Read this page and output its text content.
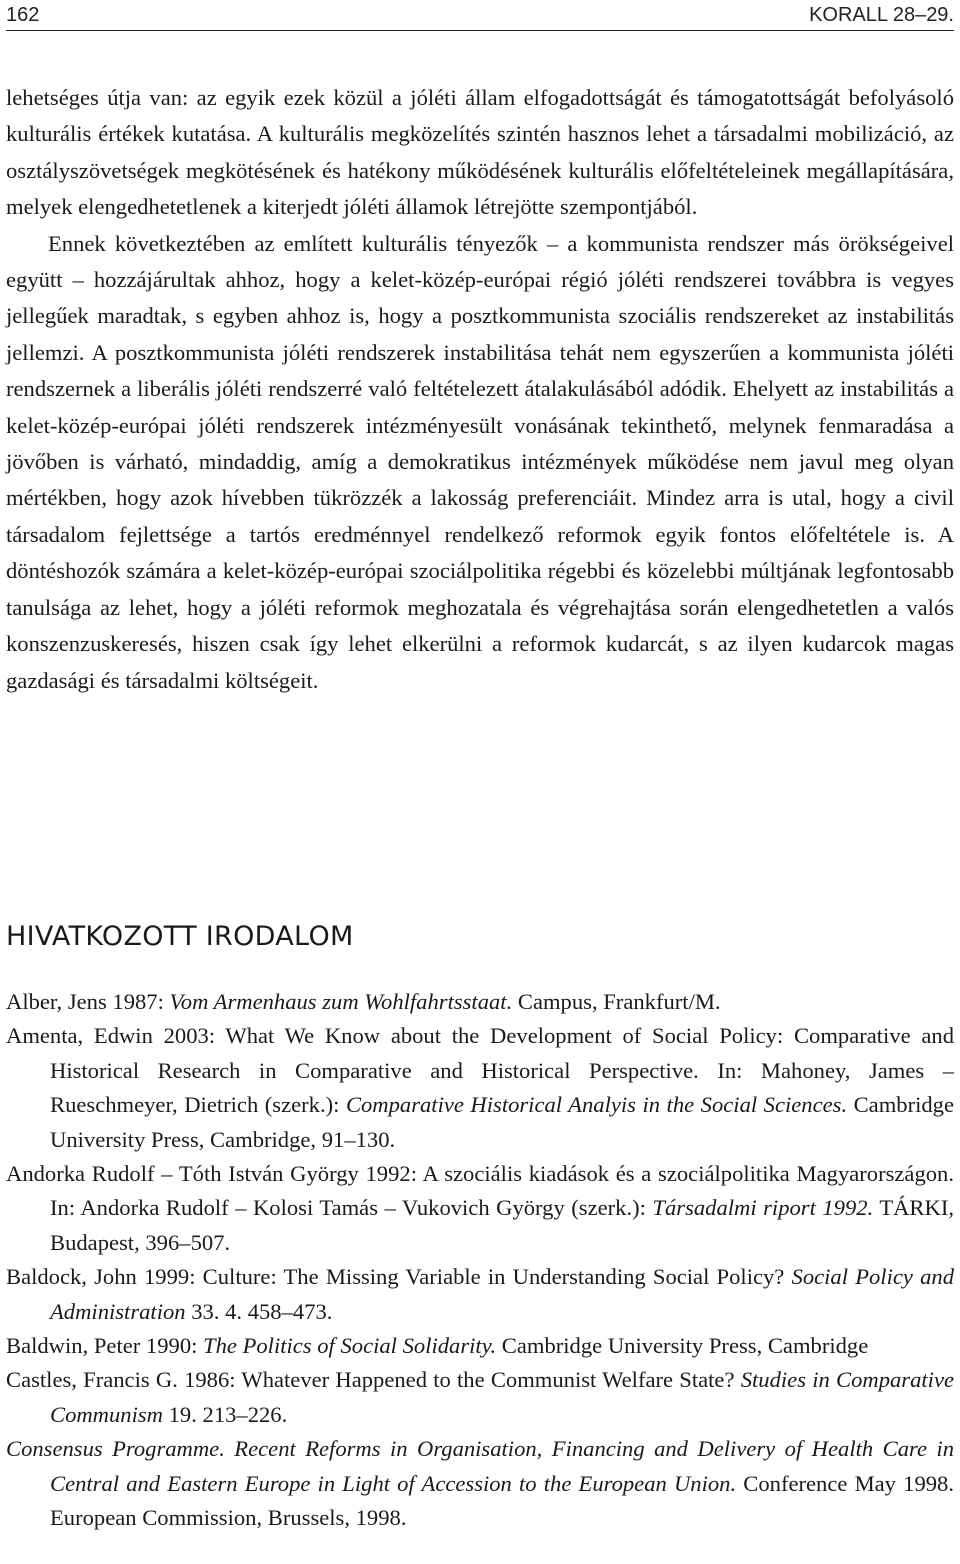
162	KORALL 28–29.

lehetséges útja van: az egyik ezek közül a jóléti állam elfogadottságát és támogatottságát befolyásoló kulturális értékek kutatása. A kulturális megközelítés szintén hasznos lehet a társadalmi mobilizáció, az osztályszövetségek megkötésének és hatékony működésének kulturális előfeltételeinek megállapítására, melyek elengedhetetlenek a kiterjedt jóléti államok létrejötte szempontjából.

Ennek következtében az említett kulturális tényezők – a kommunista rendszer más örökségeivel együtt – hozzájárultak ahhoz, hogy a kelet-közép-európai régió jóléti rendszerei továbbra is vegyes jellegűek maradtak, s egyben ahhoz is, hogy a posztkommunista szociális rendszereket az instabilitás jellemzi. A posztkommunista jóléti rendszerek instabilitása tehát nem egyszerűen a kommunista jóléti rendszernek a liberális jóléti rendszerré való feltételezett átalakulásából adódik. Ehelyett az instabilitás a kelet-közép-európai jóléti rendszerek intézményesült vonásának tekinthető, melynek fenmaradása a jövőben is várható, mindaddig, amíg a demokratikus intézmények működése nem javul meg olyan mértékben, hogy azok hívebben tükrözzék a lakosság preferenciáit. Mindez arra is utal, hogy a civil társadalom fejlettsége a tartós eredménnyel rendelkező reformok egyik fontos előfeltétele is. A döntéshozók számára a kelet-közép-európai szociálpolitika régebbi és közelebbi múltjának legfontosabb tanulsága az lehet, hogy a jóléti reformok meghozatala és végrehajtása során elengedhetetlen a valós konszenzuskeresés, hiszen csak így lehet elkerülni a reformok kudarcát, s az ilyen kudarcok magas gazdasági és társadalmi költségeit.

HIVATKOZOTT IRODALOM

Alber, Jens 1987: Vom Armenhaus zum Wohlfahrtsstaat. Campus, Frankfurt/M.

Amenta, Edwin 2003: What We Know about the Development of Social Policy: Comparative and Historical Research in Comparative and Historical Perspective. In: Mahoney, James – Rueschmeyer, Dietrich (szerk.): Comparative Historical Analyis in the Social Sciences. Cambridge University Press, Cambridge, 91–130.

Andorka Rudolf – Tóth István György 1992: A szociális kiadások és a szociálpolitika Magyarországon. In: Andorka Rudolf – Kolosi Tamás – Vukovich György (szerk.): Társadalmi riport 1992. TÁRKI, Budapest, 396–507.

Baldock, John 1999: Culture: The Missing Variable in Understanding Social Policy? Social Policy and Administration 33. 4. 458–473.

Baldwin, Peter 1990: The Politics of Social Solidarity. Cambridge University Press, Cambridge

Castles, Francis G. 1986: Whatever Happened to the Communist Welfare State? Studies in Comparative Communism 19. 213–226.

Consensus Programme. Recent Reforms in Organisation, Financing and Delivery of Health Care in Central and Eastern Europe in Light of Accession to the European Union. Conference May 1998. European Commission, Brussels, 1998.
